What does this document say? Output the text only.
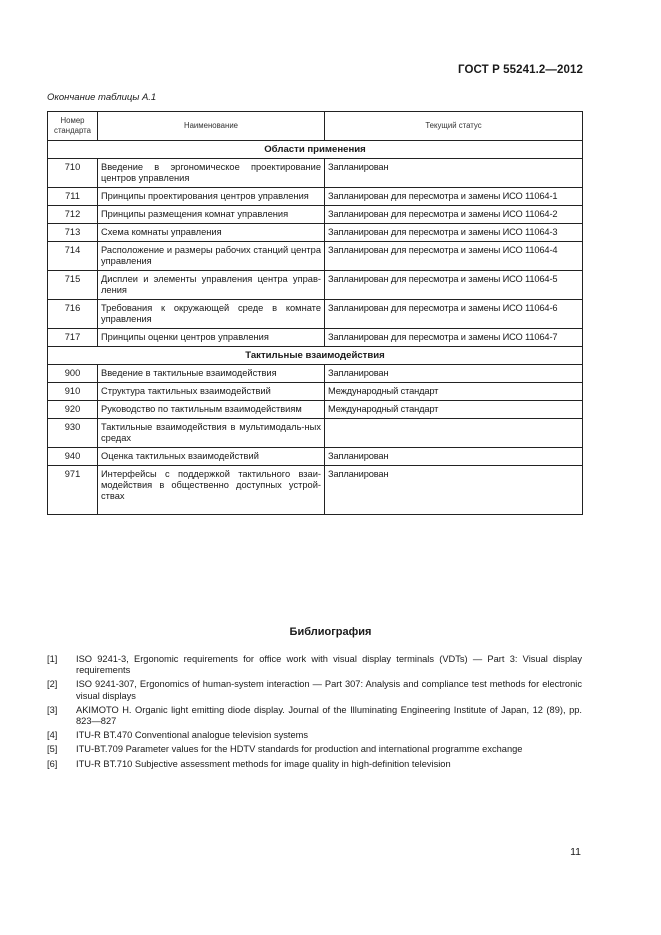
ГОСТ Р 55241.2—2012
Окончание таблицы А.1
Номер стандарта	Наименование	Текущий статус
Области применения		
710	Введение в эргономическое проектирование центров управления	Запланирован
711	Принципы проектирования центров управления	Запланирован для пересмотра и замены ИСО 11064-1
712	Принципы размещения комнат управления	Запланирован для пересмотра и замены ИСО 11064-2
713	Схема комнаты управления	Запланирован для пересмотра и замены ИСО 11064-3
714	Расположение и размеры рабочих станций центра управления	Запланирован для пересмотра и замены ИСО 11064-4
715	Дисплеи и элементы управления центра управ-ления	Запланирован для пересмотра и замены ИСО 11064-5
716	Требования к окружающей среде в комнате управления	Запланирован для пересмотра и замены ИСО 11064-6
717	Принципы оценки центров управления	Запланирован для пересмотра и замены ИСО 11064-7
Тактильные взаимодействия		
900	Введение в тактильные взаимодействия	Запланирован
910	Структура тактильных взаимодействий	Международный стандарт
920	Руководство по тактильным взаимодействиям	Международный стандарт
930	Тактильные взаимодействия в мультимодаль-ных средах	
940	Оценка тактильных взаимодействий	Запланирован
971	Интерфейсы с поддержкой тактильного взаи-модействия в общественно доступных устрой-ствах	Запланирован
Библиография
[1] ISO 9241-3, Ergonomic requirements for office work with visual display terminals (VDTs) — Part 3: Visual display requirements
[2] ISO 9241-307, Ergonomics of human-system interaction — Part 307: Analysis and compliance test methods for electronic visual displays
[3] AKIMOTO H. Organic light emitting diode display. Journal of the Illuminating Engineering Institute of Japan, 12 (89), pp. 823—827
[4] ITU-R BT.470 Conventional analogue television systems
[5] ITU-BT.709 Parameter values for the HDTV standards for production and international programme exchange
[6] ITU-R BT.710 Subjective assessment methods for image quality in high-definition television
11
